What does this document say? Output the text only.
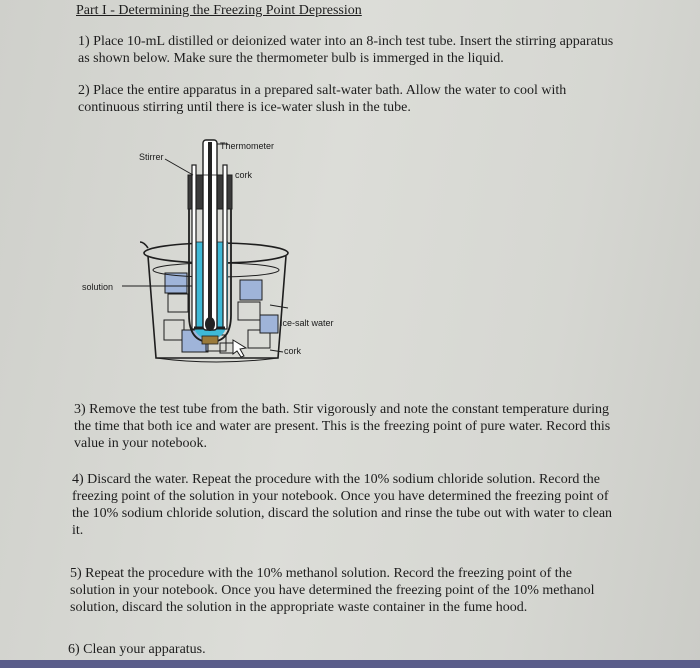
Part I - Determining the Freezing Point Depression

1) Place 10-mL distilled or deionized water into an 8-inch test tube. Insert the stirring apparatus
as shown below. Make sure the thermometer bulb is immerged in the liquid.

2) Place the entire apparatus in a prepared salt-water bath. Allow the water to cool with
continuous stirring until there is ice-water slush in the tube.

Thermometer
Stirrer
cork
solution
Ice-salt water
cork

3) Remove the test tube from the bath. Stir vigorously and note the constant temperature during
the time that both ice and water are present. This is the freezing point of pure water. Record this
value in your notebook.

4) Discard the water. Repeat the procedure with the 10% sodium chloride solution. Record the
freezing point of the solution in your notebook. Once you have determined the freezing point of
the 10% sodium chloride solution, discard the solution and rinse the tube out with water to clean
it.

5) Repeat the procedure with the 10% methanol solution. Record the freezing point of the
solution in your notebook. Once you have determined the freezing point of the 10% methanol
solution, discard the solution in the appropriate waste container in the fume hood.

6) Clean your apparatus.
